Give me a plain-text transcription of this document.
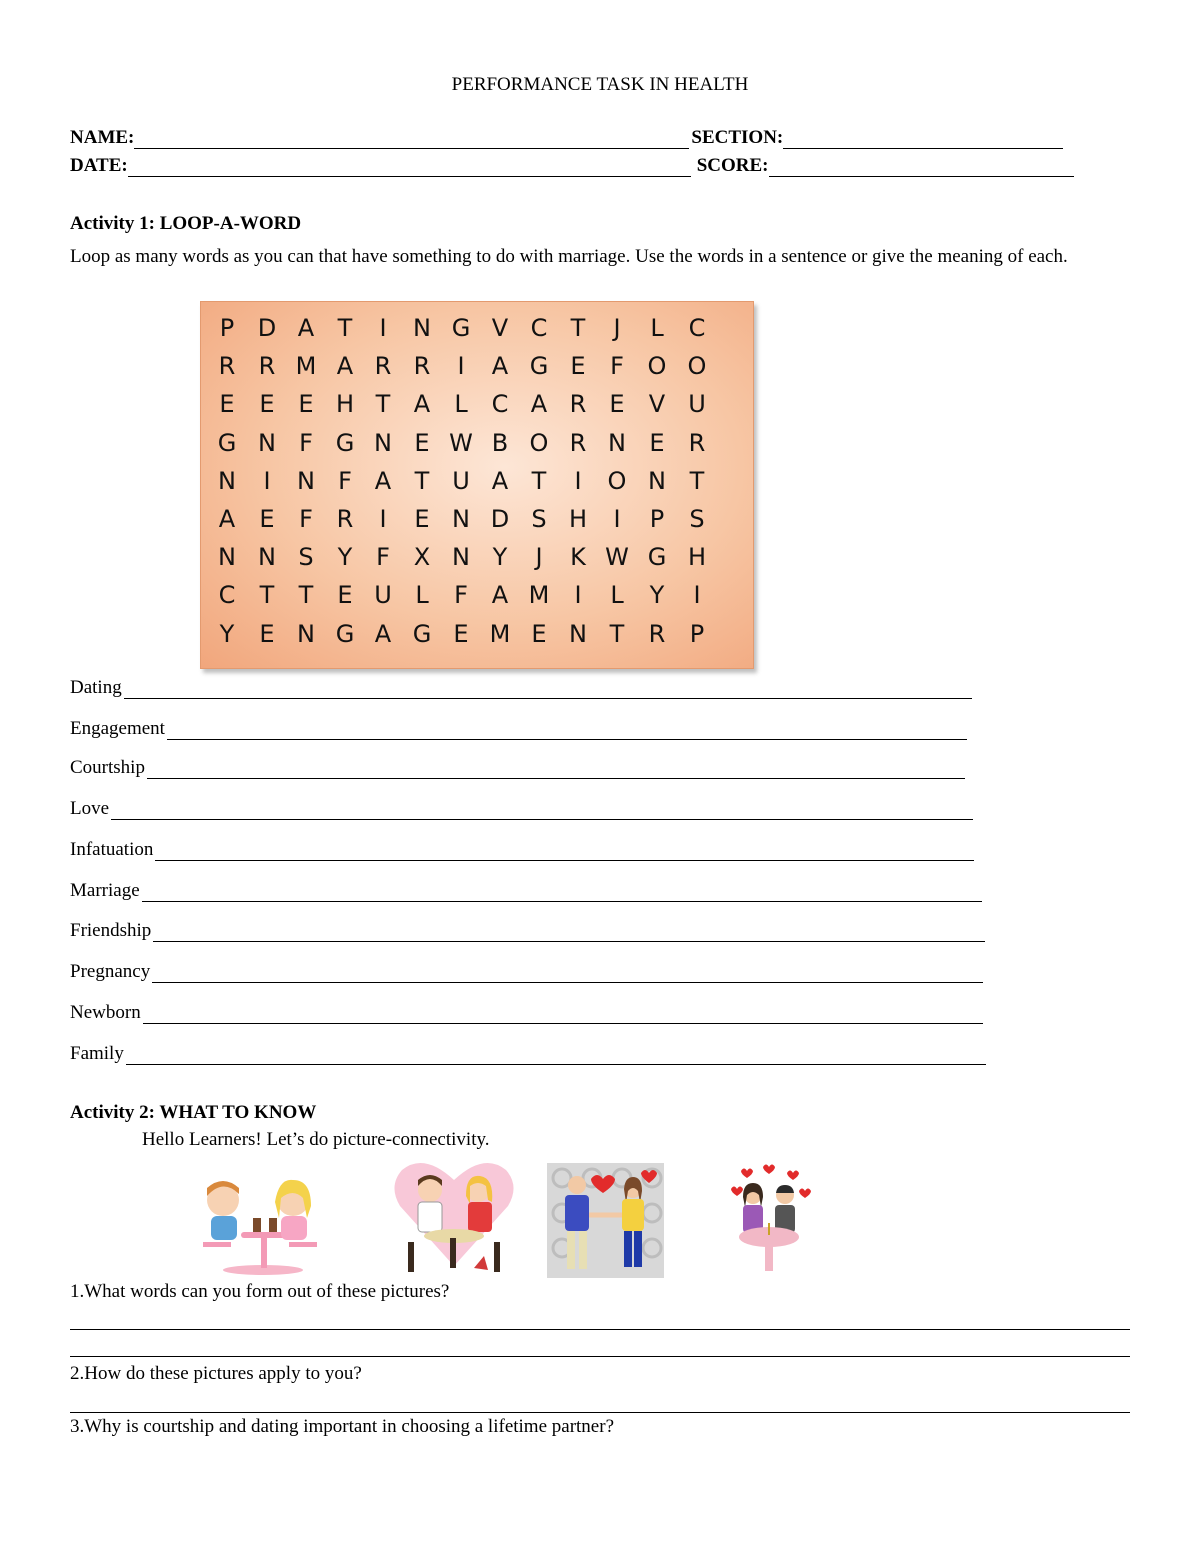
PERFORMANCE TASK IN HEALTH
NAME:	SECTION:
DATE:	SCORE:
Activity 1: LOOP-A-WORD
Loop as many words as you can that have something to do with marriage. Use the words in a sentence or give the meaning of each.
P D A T	I	N G V C T	J	L C
R R M A R R	I	A G E F O O
E E E H T A L C A R E V U
G N F G N E W B O R N E R
N	I	N F A T U A T	I	O N T
A E F R	I	E N D S H	I	P S
N N S Y F X N Y	J	K W G H
C T T E U L F A M	I	L Y	I
Y E N G A G E M E N T R P
Dating
Engagement
Courtship
Love
Infatuation
Marriage
Friendship
Pregnancy
Newborn
Family
Activity 2: WHAT TO KNOW
Hello Learners! Let’s do picture-connectivity.
1.What words can you form out of these pictures?
2.How do these pictures apply to you?
3.Why is courtship and dating important in choosing a lifetime partner?
